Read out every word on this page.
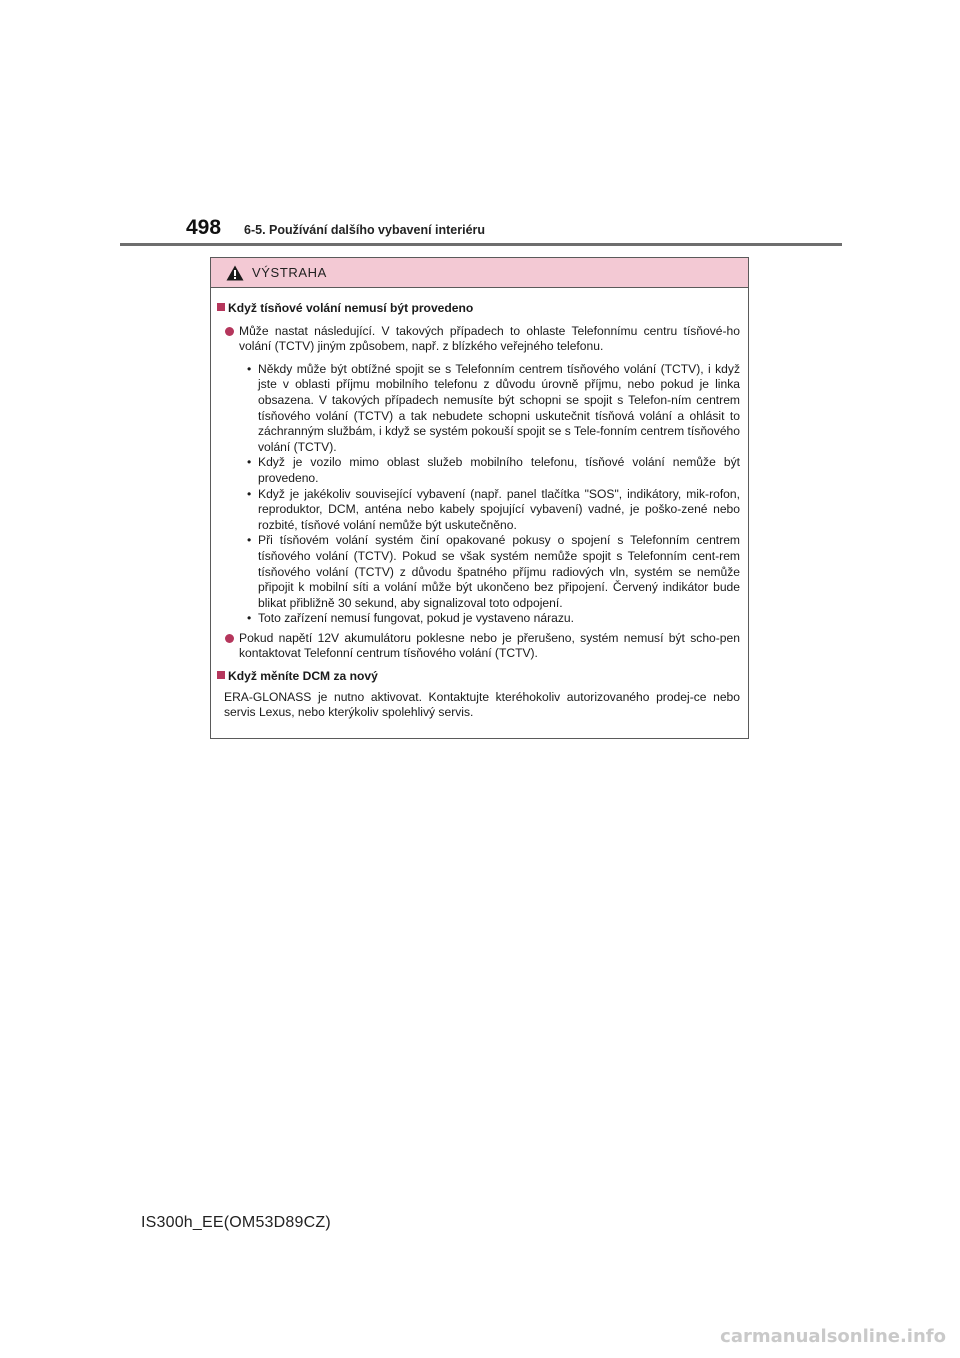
498 6-5. Používání dalšího vybavení interiéru
VÝSTRAHA
Když tísňové volání nemusí být provedeno
Může nastat následující. V takových případech to ohlaste Telefonnímu centru tísňové-ho volání (TCTV) jiným způsobem, např. z blízkého veřejného telefonu.
• Někdy může být obtížné spojit se s Telefonním centrem tísňového volání (TCTV), i když jste v oblasti příjmu mobilního telefonu z důvodu úrovně příjmu, nebo pokud je linka obsazena. V takových případech nemusíte být schopni se spojit s Telefon-ním centrem tísňového volání (TCTV) a tak nebudete schopni uskutečnit tísňová volání a ohlásit to záchranným službám, i když se systém pokouší spojit se s Tele-fonním centrem tísňového volání (TCTV).
• Když je vozilo mimo oblast služeb mobilního telefonu, tísňové volání nemůže být provedeno.
• Když je jakékoliv související vybavení (např. panel tlačítka "SOS", indikátory, mik-rofon, reproduktor, DCM, anténa nebo kabely spojující vybavení) vadné, je poško-zené nebo rozbité, tísňové volání nemůže být uskutečněno.
• Při tísňovém volání systém činí opakované pokusy o spojení s Telefonním centrem tísňového volání (TCTV). Pokud se však systém nemůže spojit s Telefonním cent-rem tísňového volání (TCTV) z důvodu špatného příjmu radiových vln, systém se nemůže připojit k mobilní síti a volání může být ukončeno bez připojení. Červený indikátor bude blikat přibližně 30 sekund, aby signalizoval toto odpojení.
• Toto zařízení nemusí fungovat, pokud je vystaveno nárazu.
Pokud napětí 12V akumulátoru poklesne nebo je přerušeno, systém nemusí být scho-pen kontaktovat Telefonní centrum tísňového volání (TCTV).
Když měníte DCM za nový
ERA-GLONASS je nutno aktivovat. Kontaktujte kteréhokoliv autorizovaného prodej-ce nebo servis Lexus, nebo kterýkoliv spolehlivý servis.
IS300h_EE(OM53D89CZ)
carmanualsonline.info
